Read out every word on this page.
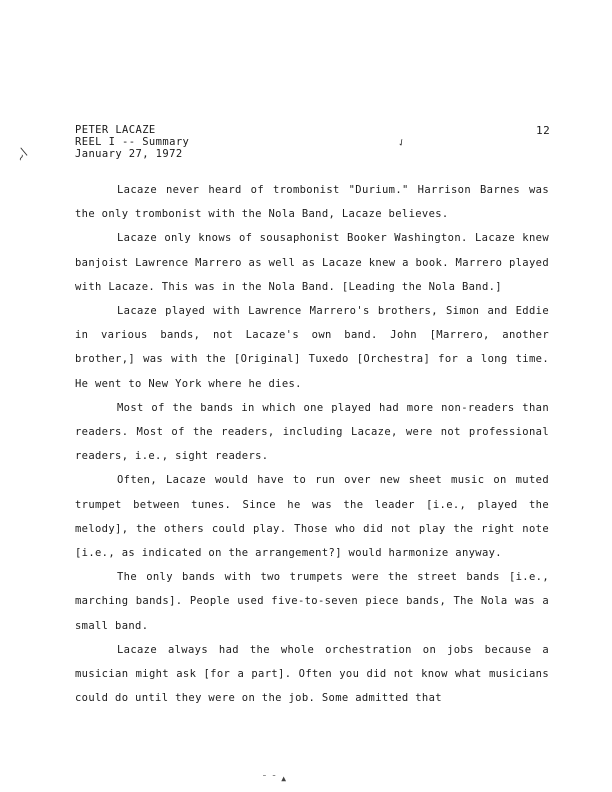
PETER LACAZE
REEL I -- Summary
January 27, 1972
12
~/
✓
˜ ˜ ▲

Lacaze never heard of trombonist "Durium." Harrison Barnes was the only trombonist with the Nola Band, Lacaze believes.

Lacaze only knows of sousaphonist Booker Washington. Lacaze knew banjoist Lawrence Marrero as well as Lacaze knew a book. Marrero played with Lacaze. This was in the Nola Band. [Leading the Nola Band.]

Lacaze played with Lawrence Marrero's brothers, Simon and Eddie in various bands, not Lacaze's own band. John [Marrero, another brother,] was with the [Original] Tuxedo [Orchestra] for a long time. He went to New York where he dies.

Most of the bands in which one played had more non-readers than readers. Most of the readers, including Lacaze, were not professional readers, i.e., sight readers.

Often, Lacaze would have to run over new sheet music on muted trumpet between tunes. Since he was the leader [i.e., played the melody], the others could play. Those who did not play the right note [i.e., as indicated on the arrangement?] would harmonize anyway.

The only bands with two trumpets were the street bands [i.e., marching bands]. People used five-to-seven piece bands, The Nola was a small band.

Lacaze always had the whole orchestration on jobs because a musician might ask [for a part]. Often you did not know what musicians could do until they were on the job. Some admitted that
